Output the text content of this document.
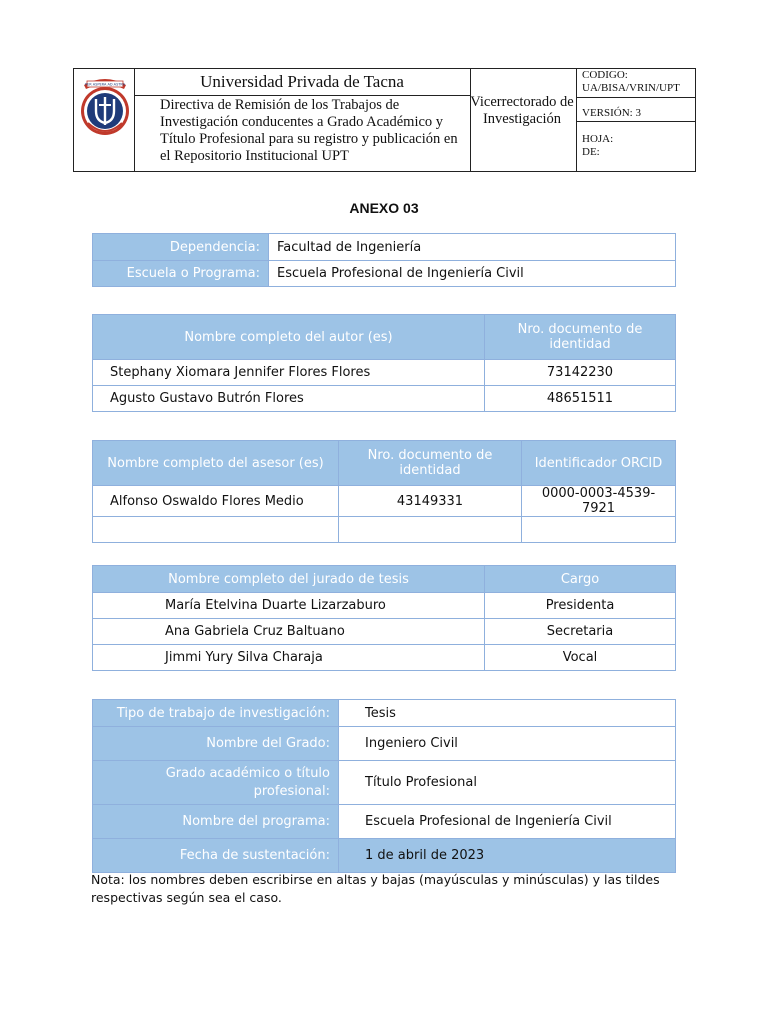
PER ASPERA AD ASTRA	Universidad Privada de Tacna
Directiva de Remisión de los Trabajos de Investigación conducentes a Grado Académico y Título Profesional para su registro y publicación en el Repositorio Institucional UPT
Vicerrectorado de Investigación
CODIGO:
UA/BISA/VRIN/UPT
VERSIÓN: 3
HOJA:
DE:
ANEXO 03
Dependencia:	Facultad de Ingeniería
Escuela o Programa:	Escuela Profesional de Ingeniería Civil
Nombre completo del autor (es)	Nro. documento de identidad
Stephany Xiomara Jennifer Flores Flores	73142230
Agusto Gustavo Butrón Flores	48651511
Nombre completo del asesor (es)	Nro. documento de identidad	Identificador ORCID
Alfonso Oswaldo Flores Medio	43149331	0000-0003-4539-7921

Nombre completo del jurado de tesis	Cargo
María Etelvina Duarte Lizarzaburo	Presidenta
Ana Gabriela Cruz Baltuano	Secretaria
Jimmi Yury Silva Charaja	Vocal
Tipo de trabajo de investigación:	Tesis
Nombre del Grado:	Ingeniero Civil
Grado académico o título profesional:	Título Profesional
Nombre del programa:	Escuela Profesional de Ingeniería Civil
Fecha de sustentación:	1 de abril de 2023
Nota: los nombres deben escribirse en altas y bajas (mayúsculas y minúsculas) y las tildes respectivas según sea el caso.
